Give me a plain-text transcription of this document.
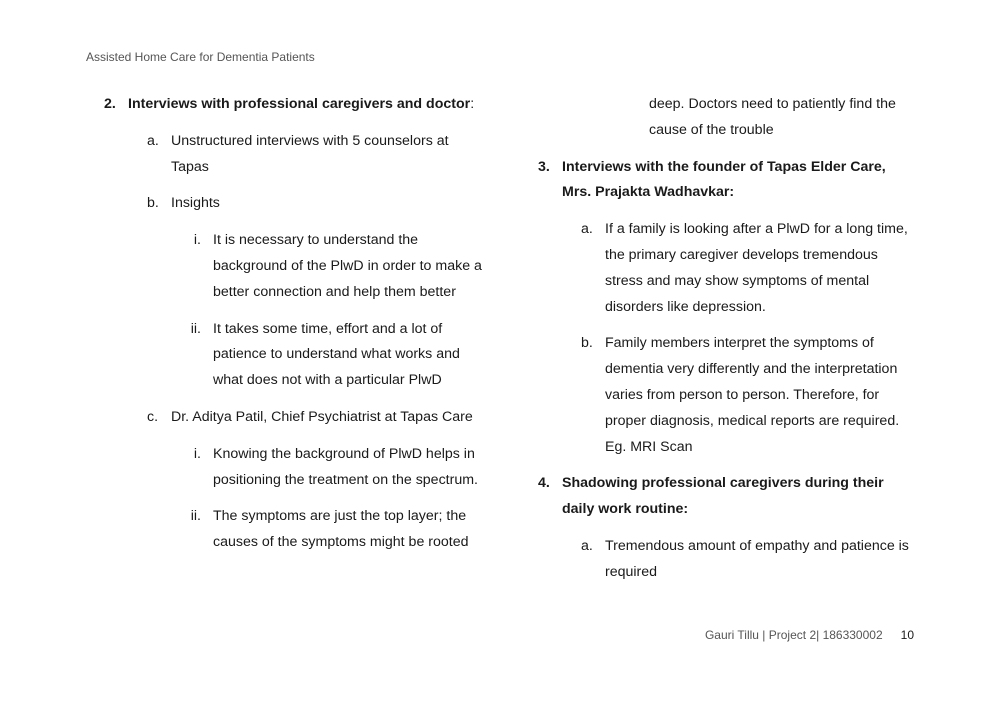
Assisted Home Care for Dementia Patients
2. Interviews with professional caregivers and doctor:
a. Unstructured interviews with 5 counselors at Tapas
b. Insights
i. It is necessary to understand the background of the PlwD in order to make a better connection and help them better
ii. It takes some time, effort and a lot of patience to understand what works and what does not with a particular PlwD
c. Dr. Aditya Patil, Chief Psychiatrist at Tapas Care
i. Knowing the background of PlwD helps in positioning the treatment on the spectrum.
ii. The symptoms are just the top layer; the causes of the symptoms might be rooted
deep. Doctors need to patiently find the cause of the trouble
3. Interviews with the founder of Tapas Elder Care, Mrs. Prajakta Wadhavkar:
a. If a family is looking after a PlwD for a long time, the primary caregiver develops tremendous stress and may show symptoms of mental disorders like depression.
b. Family members interpret the symptoms of dementia very differently and the interpretation varies from person to person. Therefore, for proper diagnosis, medical reports are required. Eg. MRI Scan
4. Shadowing professional caregivers during their daily work routine:
a. Tremendous amount of empathy and patience is required
Gauri Tillu | Project 2| 186330002 10
